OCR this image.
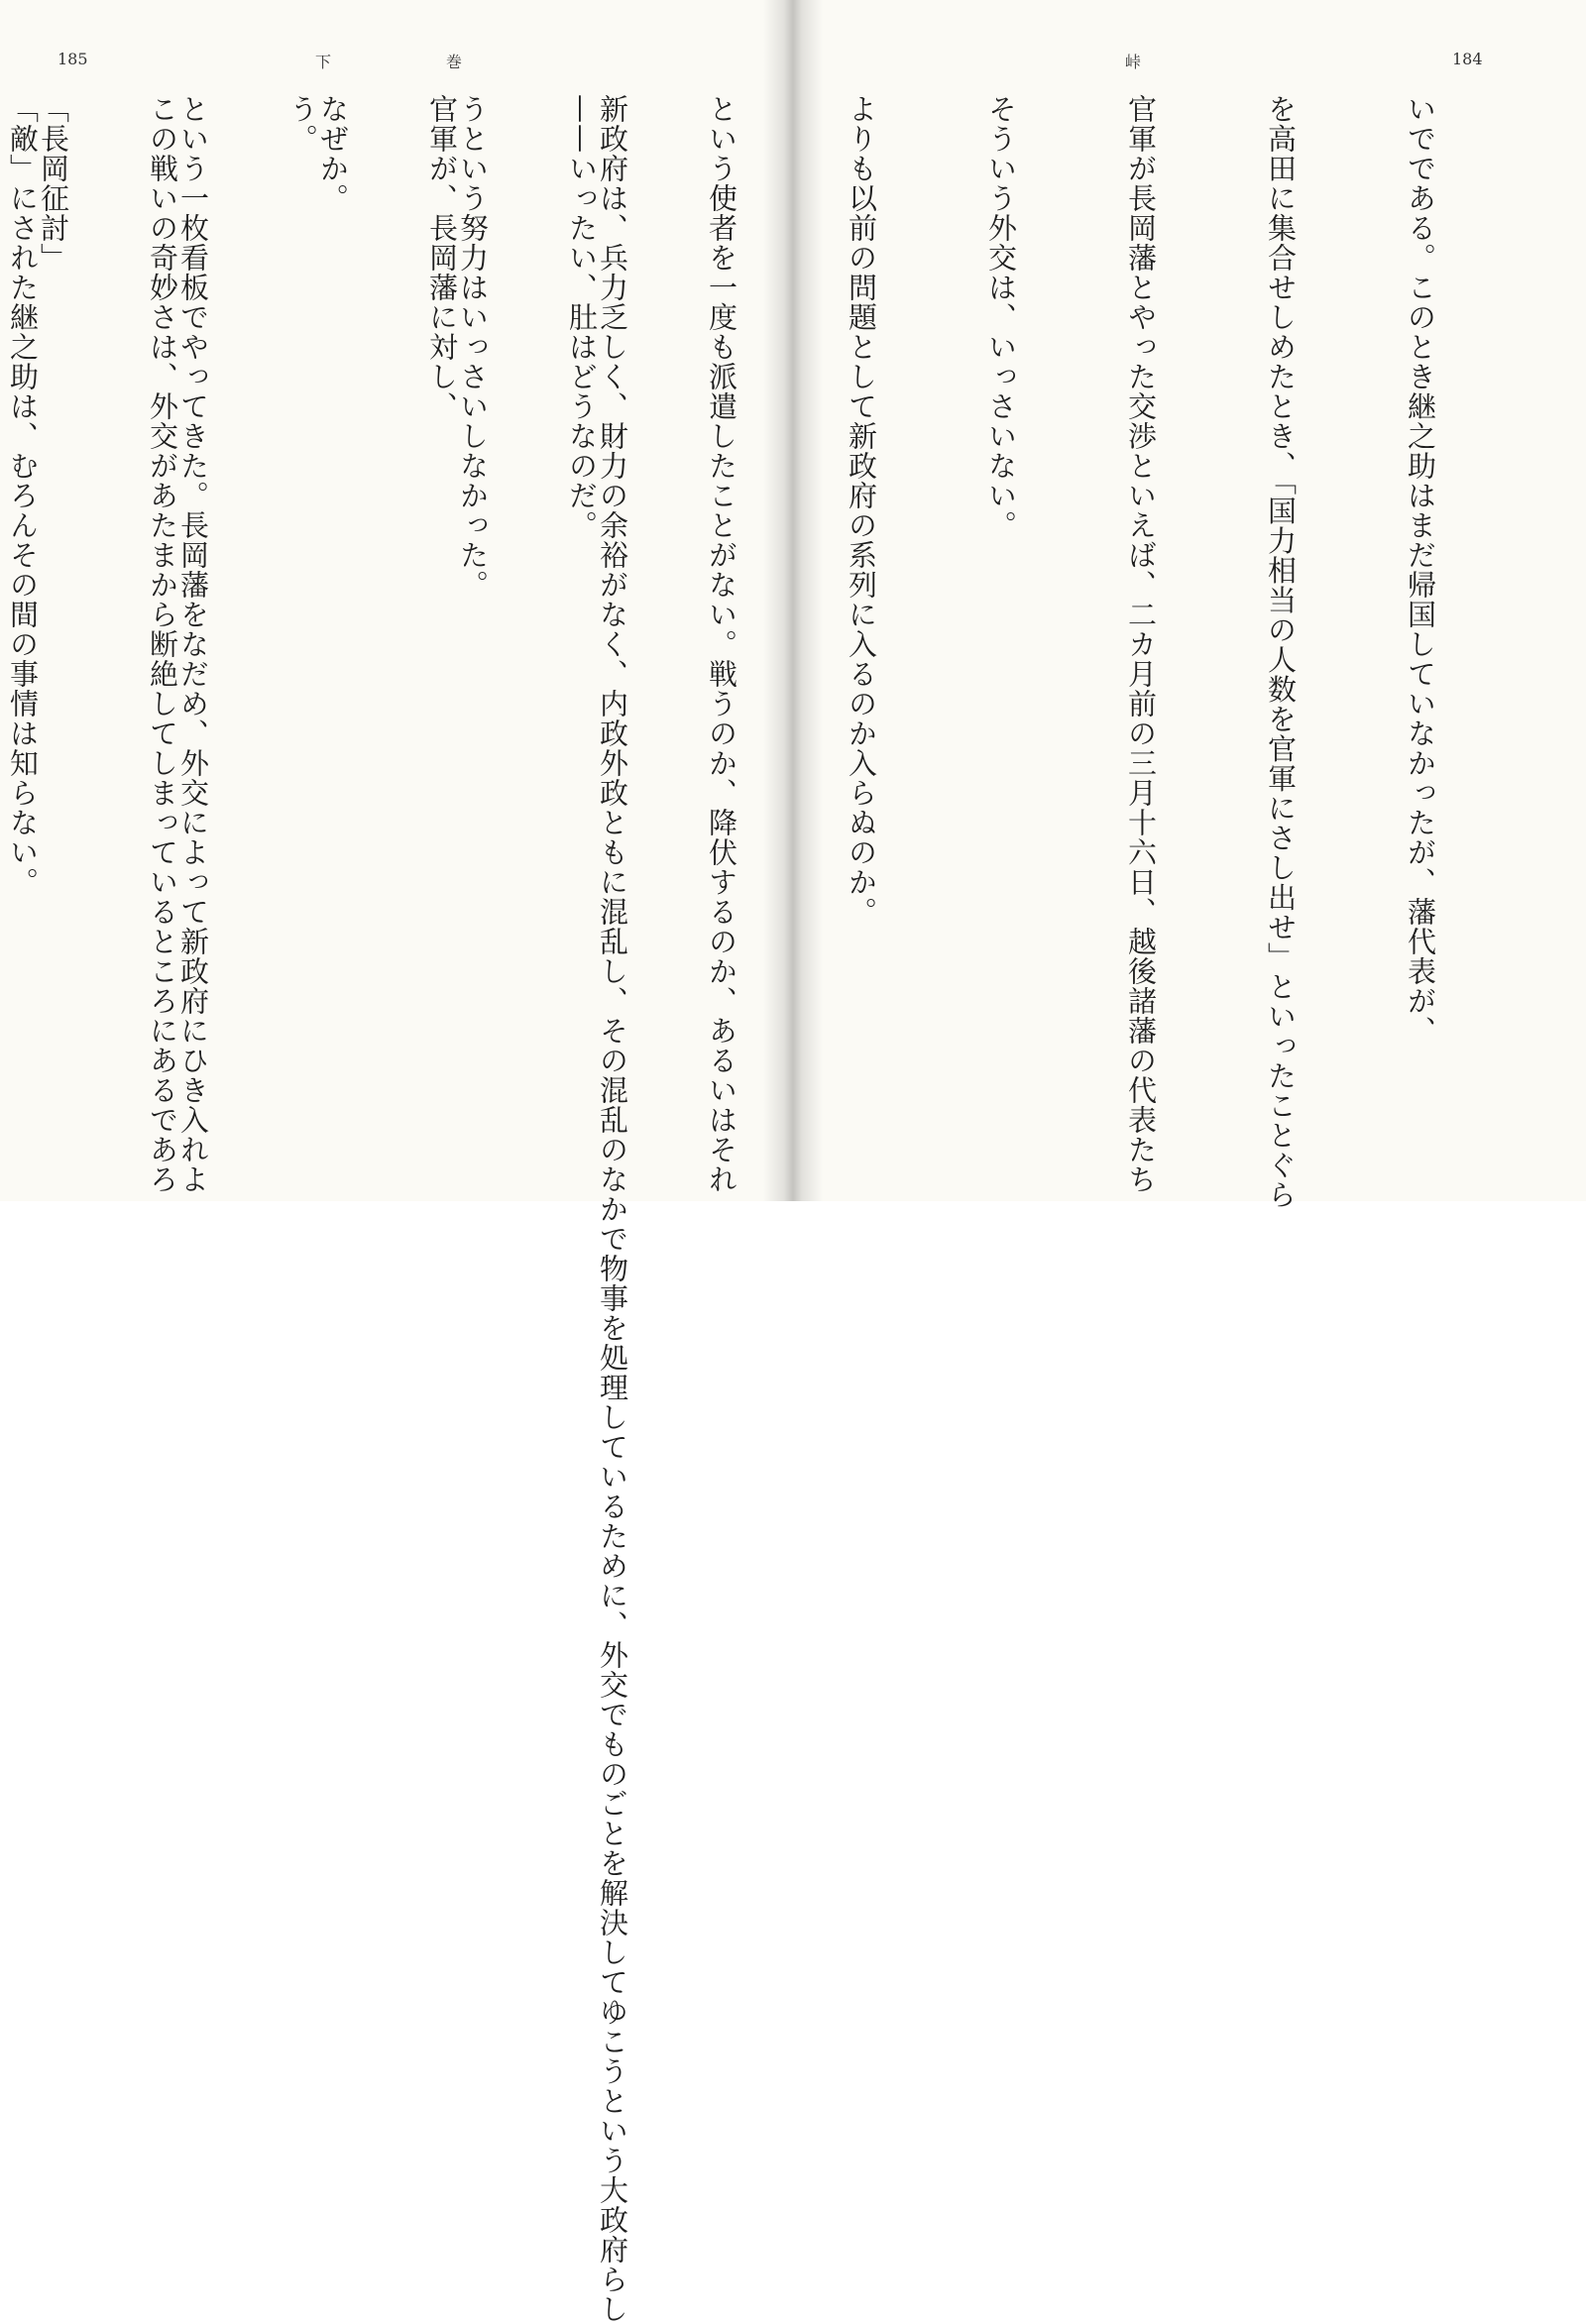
185	下	巻

新政府は、兵力乏しく、財力の余裕がなく、内政外政ともに混乱し、その混乱のなかで物事を処理しているために、外交でものごとを解決してゆこうという大政府らし

うという努力はいっさいしなかった。

なぜか。

という一枚看板でやってきた。長岡藩をなだめ、外交によって新政府にひき入れよ

「長岡征討」

峠	184

いでである。このとき継之助はまだ帰国していなかったが、藩代表が、

を高田に集合せしめたとき、「国力相当の人数を官軍にさし出せ」といったことぐら

官軍が長岡藩とやった交渉といえば、二カ月前の三月十六日、越後諸藩の代表たち

そういう外交は、いっさいない。

よりも以前の問題として新政府の系列に入るのか入らぬのか。

という使者を一度も派遣したことがない。戦うのか、降伏するのか、あるいはそれ

——いったい、肚はどうなのだ。

官軍が、長岡藩に対し、

う。

この戦いの奇妙さは、外交があたまから断絶してしまっているところにあるであろ

「敵」にされた継之助は、むろんその間の事情は知らない。
